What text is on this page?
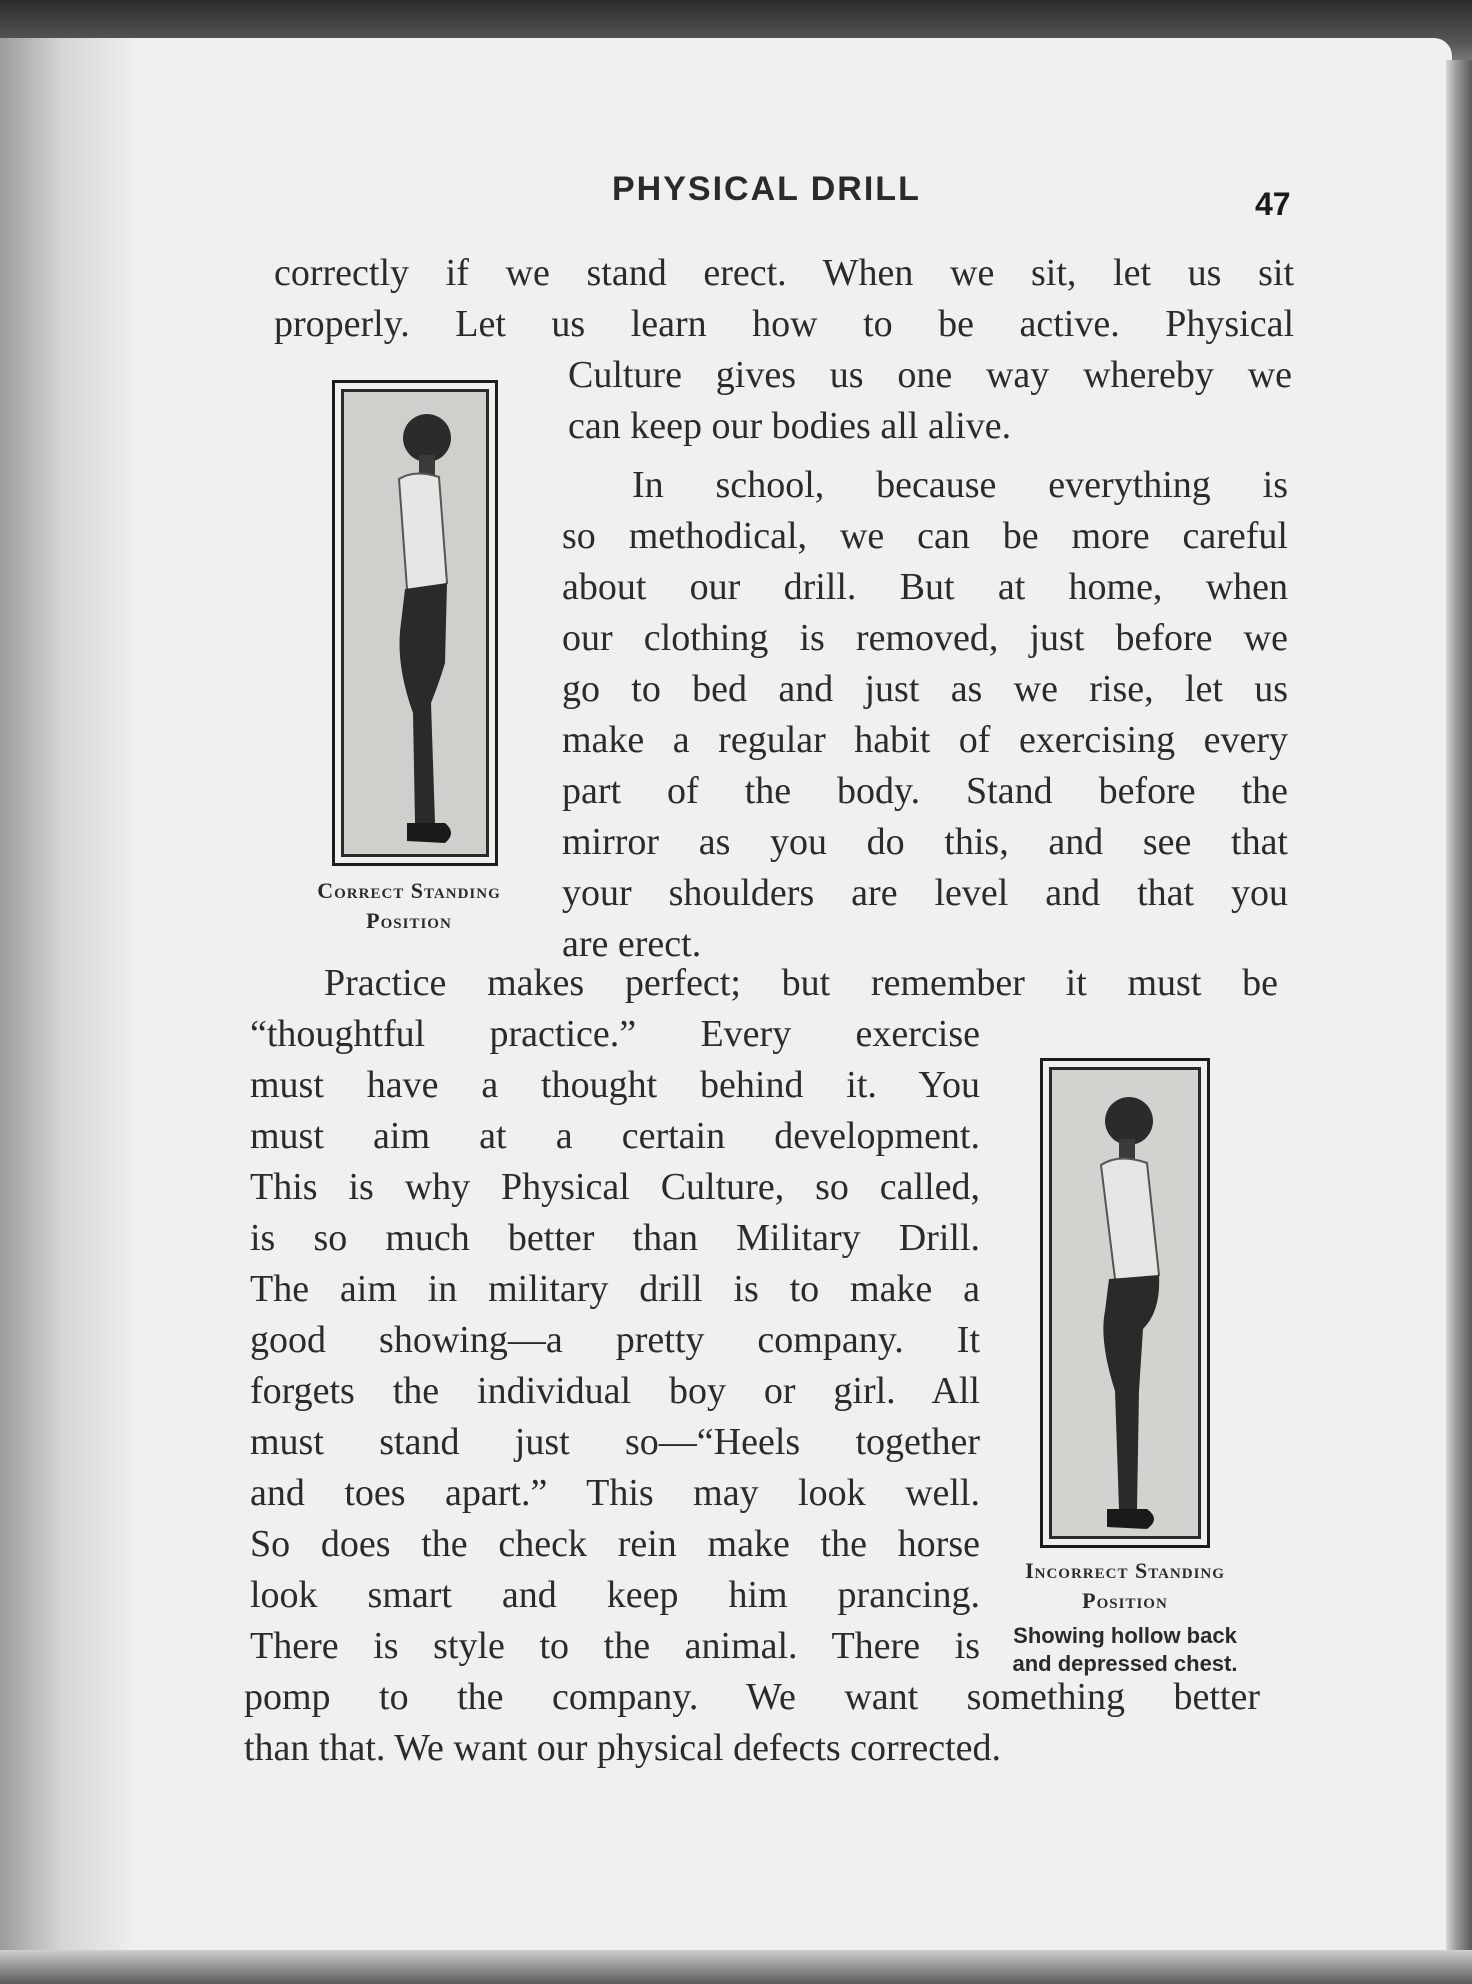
PHYSICAL DRILL	47
correctly if we stand erect. When we sit, let us sit
properly. Let us learn how to be active. Physical
Culture gives us one way whereby we
can keep our bodies all alive.
In school, because everything is
so methodical, we can be more careful
about our drill. But at home, when
our clothing is removed, just before we
go to bed and just as we rise, let us
make a regular habit of exercising every
part of the body. Stand before the
mirror as you do this, and see that
your shoulders are level and that you
are erect.
Correct Standing
Position
Practice makes perfect; but remember it must be
“thoughtful practice.” Every exercise
must have a thought behind it. You
must aim at a certain development.
This is why Physical Culture, so called,
is so much better than Military Drill.
The aim in military drill is to make a
good showing—a pretty company. It
forgets the individual boy or girl. All
must stand just so—“Heels together
and toes apart.” This may look well.
So does the check rein make the horse
look smart and keep him prancing.
There is style to the animal. There is
pomp to the company. We want something better
than that. We want our physical defects corrected.
Incorrect Standing
Position
Showing hollow back
and depressed chest.
